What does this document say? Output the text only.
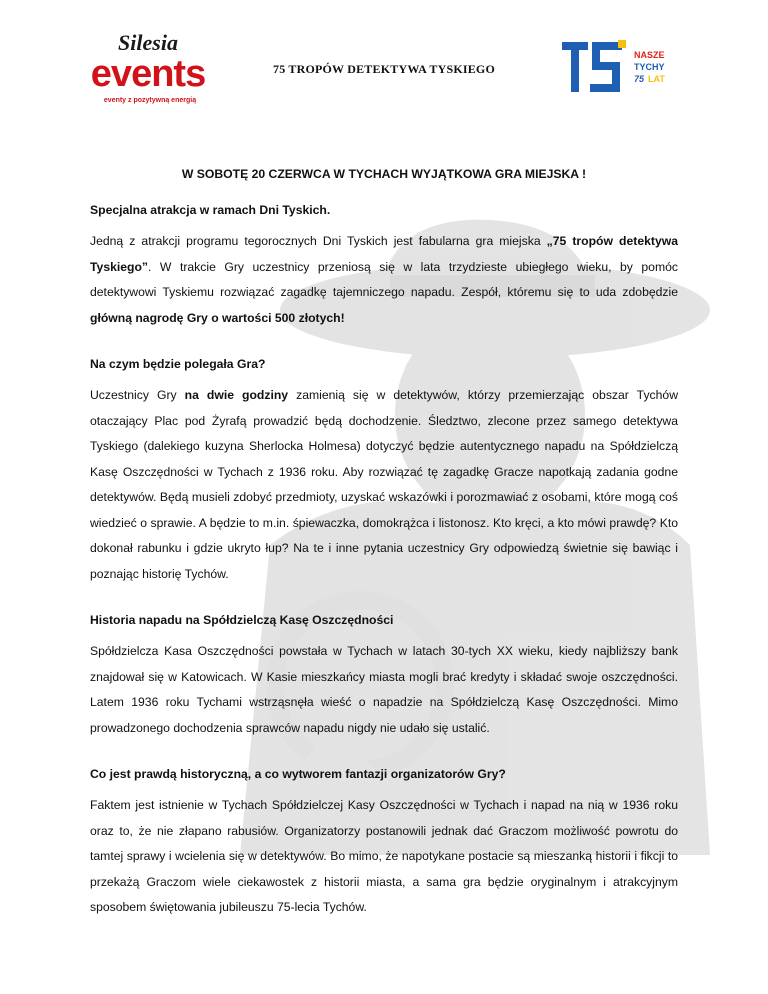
Silesia
events
eventy z pozytywną energią
NASZE
TYCHY
75 LAT
75 TROPÓW DETEKTYWA TYSKIEGO
W SOBOTĘ 20 CZERWCA W TYCHACH WYJĄTKOWA GRA MIEJSKA !

Specjalna atrakcja w ramach Dni Tyskich.

Jedną z atrakcji programu tegorocznych Dni Tyskich jest fabularna gra miejska „75 tropów detektywa Tyskiego”. W trakcie Gry uczestnicy przeniosą się w lata trzydzieste ubiegłego wieku, by pomóc detektywowi Tyskiemu rozwiązać zagadkę tajemniczego napadu. Zespół, któremu się to uda zdobędzie główną nagrodę Gry o wartości 500 złotych!

Na czym będzie polegała Gra?

Uczestnicy Gry na dwie godziny zamienią się w detektywów, którzy przemierzając obszar Tychów otaczający Plac pod Żyrafą prowadzić będą dochodzenie. Śledztwo, zlecone przez samego detektywa Tyskiego (dalekiego kuzyna Sherlocka Holmesa) dotyczyć będzie autentycznego napadu na Spółdzielczą Kasę Oszczędności w Tychach z 1936 roku. Aby rozwiązać tę zagadkę Gracze napotkają zadania godne detektywów. Będą musieli zdobyć przedmioty, uzyskać wskazówki i porozmawiać z osobami, które mogą coś wiedzieć o sprawie. A będzie to m.in. śpiewaczka, domokrążca i listonosz. Kto kręci, a kto mówi prawdę? Kto dokonał rabunku i gdzie ukryto łup? Na te i inne pytania uczestnicy Gry odpowiedzą świetnie się bawiąc i poznając historię Tychów.

Historia napadu na Spółdzielczą Kasę Oszczędności

Spółdzielcza Kasa Oszczędności powstała w Tychach w latach 30-tych XX wieku, kiedy najbliższy bank znajdował się w Katowicach. W Kasie mieszkańcy miasta mogli brać kredyty i składać swoje oszczędności. Latem 1936 roku Tychami wstrząsnęła wieść o napadzie na Spółdzielczą Kasę Oszczędności. Mimo prowadzonego dochodzenia sprawców napadu nigdy nie udało się ustalić.

Co jest prawdą historyczną, a co wytworem fantazji organizatorów Gry?

Faktem jest istnienie w Tychach Spółdzielczej Kasy Oszczędności w Tychach i napad na nią w 1936 roku oraz to, że nie złapano rabusiów. Organizatorzy postanowili jednak dać Graczom możliwość powrotu do tamtej sprawy i wcielenia się w detektywów. Bo mimo, że napotykane postacie są mieszanką historii i fikcji to przekażą Graczom wiele ciekawostek z historii miasta, a sama gra będzie oryginalnym i atrakcyjnym sposobem świętowania jubileuszu 75-lecia Tychów.
